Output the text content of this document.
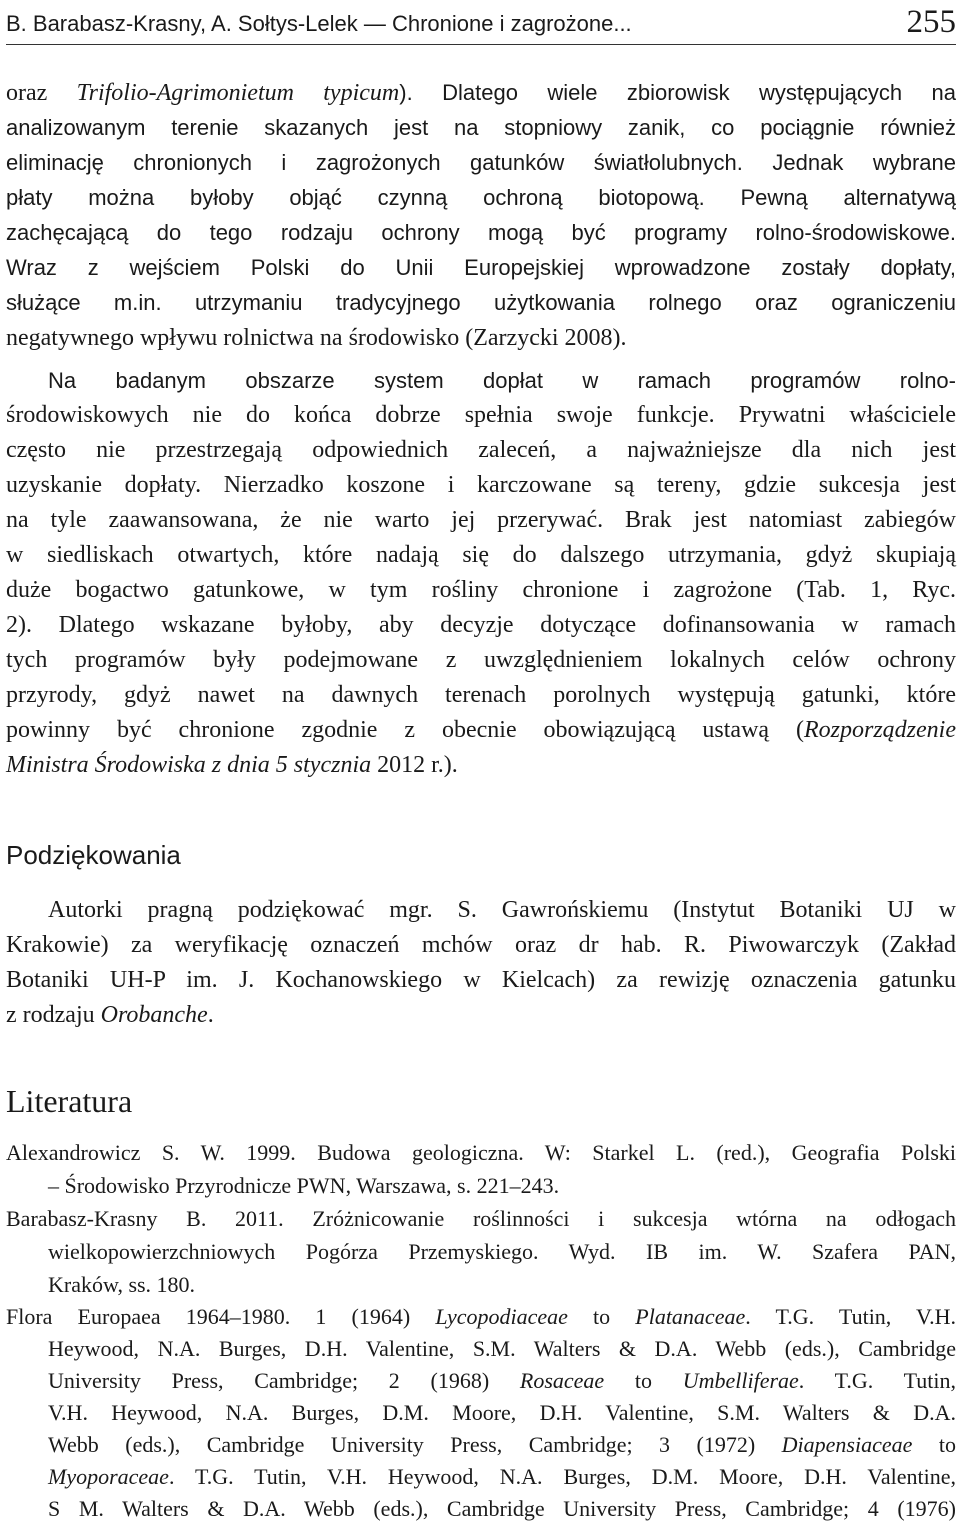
B. Barabasz-Krasny, A. Sołtys-Lelek — Chronione i zagrożone...	255
oraz Trifolio-Agrimonietum typicum). Dlatego wiele zbiorowisk występujących na
analizowanym terenie skazanych jest na stopniowy zanik, co pociągnie również
eliminację chronionych i zagrożonych gatunków światłolubnych. Jednak wybrane
płaty można byłoby objąć czynną ochroną biotopową. Pewną alternatywą
zachęcającą do tego rodzaju ochrony mogą być programy rolno-środowiskowe.
Wraz z wejściem Polski do Unii Europejskiej wprowadzone zostały dopłaty,
służące m.in. utrzymaniu tradycyjnego użytkowania rolnego oraz ograniczeniu
negatywnego wpływu rolnictwa na środowisko (Zarzycki 2008).
Na badanym obszarze system dopłat w ramach programów rolno-
środowiskowych nie do końca dobrze spełnia swoje funkcje. Prywatni właściciele
często nie przestrzegają odpowiednich zaleceń, a najważniejsze dla nich jest
uzyskanie dopłaty. Nierzadko koszone i karczowane są tereny, gdzie sukcesja jest
na tyle zaawansowana, że nie warto jej przerywać. Brak jest natomiast zabiegów
w siedliskach otwartych, które nadają się do dalszego utrzymania, gdyż skupiają
duże bogactwo gatunkowe, w tym rośliny chronione i zagrożone (Tab. 1, Ryc.
2). Dlatego wskazane byłoby, aby decyzje dotyczące dofinansowania w ramach
tych programów były podejmowane z uwzględnieniem lokalnych celów ochrony
przyrody, gdyż nawet na dawnych terenach porolnych występują gatunki, które
powinny być chronione zgodnie z obecnie obowiązującą ustawą (Rozporządzenie
Ministra Środowiska z dnia 5 stycznia 2012 r.).
Podziękowania
Autorki pragną podziękować mgr. S. Gawrońskiemu (Instytut Botaniki UJ w
Krakowie) za weryfikację oznaczeń mchów oraz dr hab. R. Piwowarczyk (Zakład
Botaniki UH-P im. J. Kochanowskiego w Kielcach) za rewizję oznaczenia gatunku
z rodzaju Orobanche.
Literatura
Alexandrowicz S. W. 1999. Budowa geologiczna. W: Starkel L. (red.), Geografia Polski
– Środowisko Przyrodnicze PWN, Warszawa, s. 221–243.
Barabasz-Krasny B. 2011. Zróżnicowanie roślinności i sukcesja wtórna na odłogach
wielkopowierzchniowych Pogórza Przemyskiego. Wyd. IB im. W. Szafera PAN,
Kraków, ss. 180.
Flora Europaea 1964–1980. 1 (1964) Lycopodiaceae to Platanaceae. T.G. Tutin, V.H.
Heywood, N.A. Burges, D.H. Valentine, S.M. Walters & D.A. Webb (eds.), Cambridge
University Press, Cambridge; 2 (1968) Rosaceae to Umbelliferae. T.G. Tutin,
V.H. Heywood, N.A. Burges, D.M. Moore, D.H. Valentine, S.M. Walters & D.A.
Webb (eds.), Cambridge University Press, Cambridge; 3 (1972) Diapensiaceae to
Myoporaceae. T.G. Tutin, V.H. Heywood, N.A. Burges, D.M. Moore, D.H. Valentine,
S M. Walters & D.A. Webb (eds.), Cambridge University Press, Cambridge; 4 (1976)
